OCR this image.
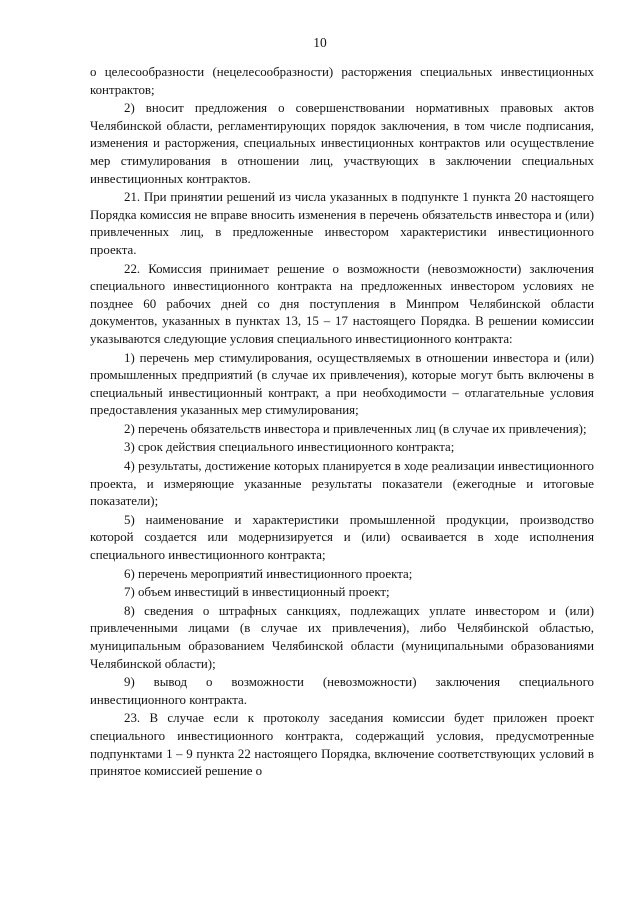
10

о целесообразности (нецелесообразности) расторжения специальных инвестиционных контрактов;

2) вносит предложения о совершенствовании нормативных правовых актов Челябинской области, регламентирующих порядок заключения, в том числе подписания, изменения и расторжения, специальных инвестиционных контрактов или осуществление мер стимулирования в отношении лиц, участвующих в заключении специальных инвестиционных контрактов.

21. При принятии решений из числа указанных в подпункте 1 пункта 20 настоящего Порядка комиссия не вправе вносить изменения в перечень обязательств инвестора и (или) привлеченных лиц, в предложенные инвестором характеристики инвестиционного проекта.

22. Комиссия принимает решение о возможности (невозможности) заключения специального инвестиционного контракта на предложенных инвестором условиях не позднее 60 рабочих дней со дня поступления в Минпром Челябинской области документов, указанных в пунктах 13, 15 – 17 настоящего Порядка. В решении комиссии указываются следующие условия специального инвестиционного контракта:

1) перечень мер стимулирования, осуществляемых в отношении инвестора и (или) промышленных предприятий (в случае их привлечения), которые могут быть включены в специальный инвестиционный контракт, а при необходимости – отлагательные условия предоставления указанных мер стимулирования;

2) перечень обязательств инвестора и привлеченных лиц (в случае их привлечения);

3) срок действия специального инвестиционного контракта;

4) результаты, достижение которых планируется в ходе реализации инвестиционного проекта, и измеряющие указанные результаты показатели (ежегодные и итоговые показатели);

5) наименование и характеристики промышленной продукции, производство которой создается или модернизируется и (или) осваивается в ходе исполнения специального инвестиционного контракта;

6) перечень мероприятий инвестиционного проекта;

7) объем инвестиций в инвестиционный проект;

8) сведения о штрафных санкциях, подлежащих уплате инвестором и (или) привлеченными лицами (в случае их привлечения), либо Челябинской областью, муниципальным образованием Челябинской области (муниципальными образованиями Челябинской области);

9) вывод о возможности (невозможности) заключения специального инвестиционного контракта.

23. В случае если к протоколу заседания комиссии будет приложен проект специального инвестиционного контракта, содержащий условия, предусмотренные подпунктами 1 – 9 пункта 22 настоящего Порядка, включение соответствующих условий в принятое комиссией решение о
